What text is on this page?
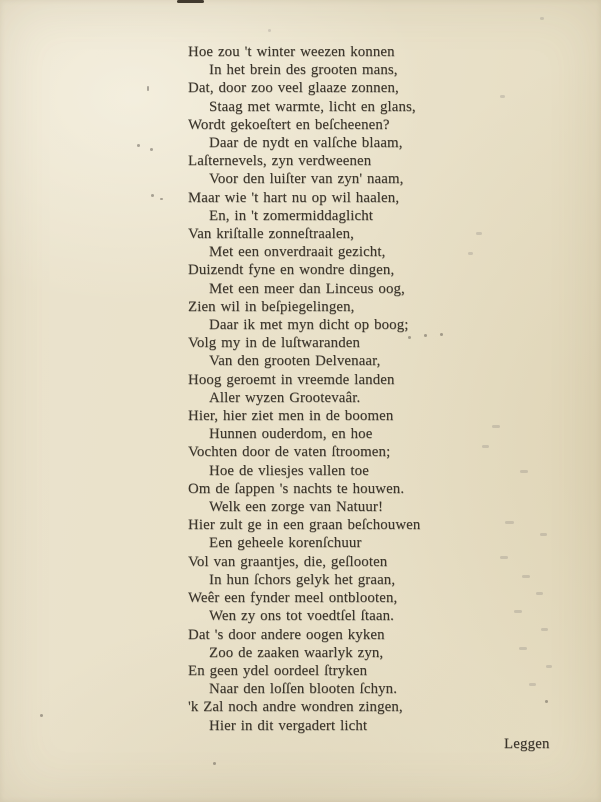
Hoe zou 't winter weezen konnen
In het brein des grooten mans,
Dat, door zoo veel glaaze zonnen,
Staag met warmte, licht en glans,
Wordt gekoeſtert en beſcheenen?
Daar de nydt en valſche blaam,
Laſternevels, zyn verdweenen
Voor den luiſter van zyn' naam,
Maar wie 't hart nu op wil haalen,
En, in 't zomermiddaglicht
Van kriſtalle zonneſtraalen,
Met een onverdraait gezicht,
Duizendt fyne en wondre dingen,
Met een meer dan Linceus oog,
Zien wil in beſpiegelingen,
Daar ik met myn dicht op boog;
Volg my in de luſtwaranden
Van den grooten Delvenaar,
Hoog geroemt in vreemde landen
Aller wyzen Grootevaâr.
Hier, hier ziet men in de boomen
Hunnen ouderdom, en hoe
Vochten door de vaten ſtroomen;
Hoe de vliesjes vallen toe
Om de ſappen 's nachts te houwen.
Welk een zorge van Natuur!
Hier zult ge in een graan beſchouwen
Een geheele korenſchuur
Vol van graantjes, die, geſlooten
In hun ſchors gelyk het graan,
Weêr een fynder meel ontblooten,
Wen zy ons tot voedtſel ſtaan.
Dat 's door andere oogen kyken
Zoo de zaaken waarlyk zyn,
En geen ydel oordeel ſtryken
Naar den loſſen blooten ſchyn.
'k Zal noch andre wondren zingen,
Hier in dit vergadert licht
Leggen
